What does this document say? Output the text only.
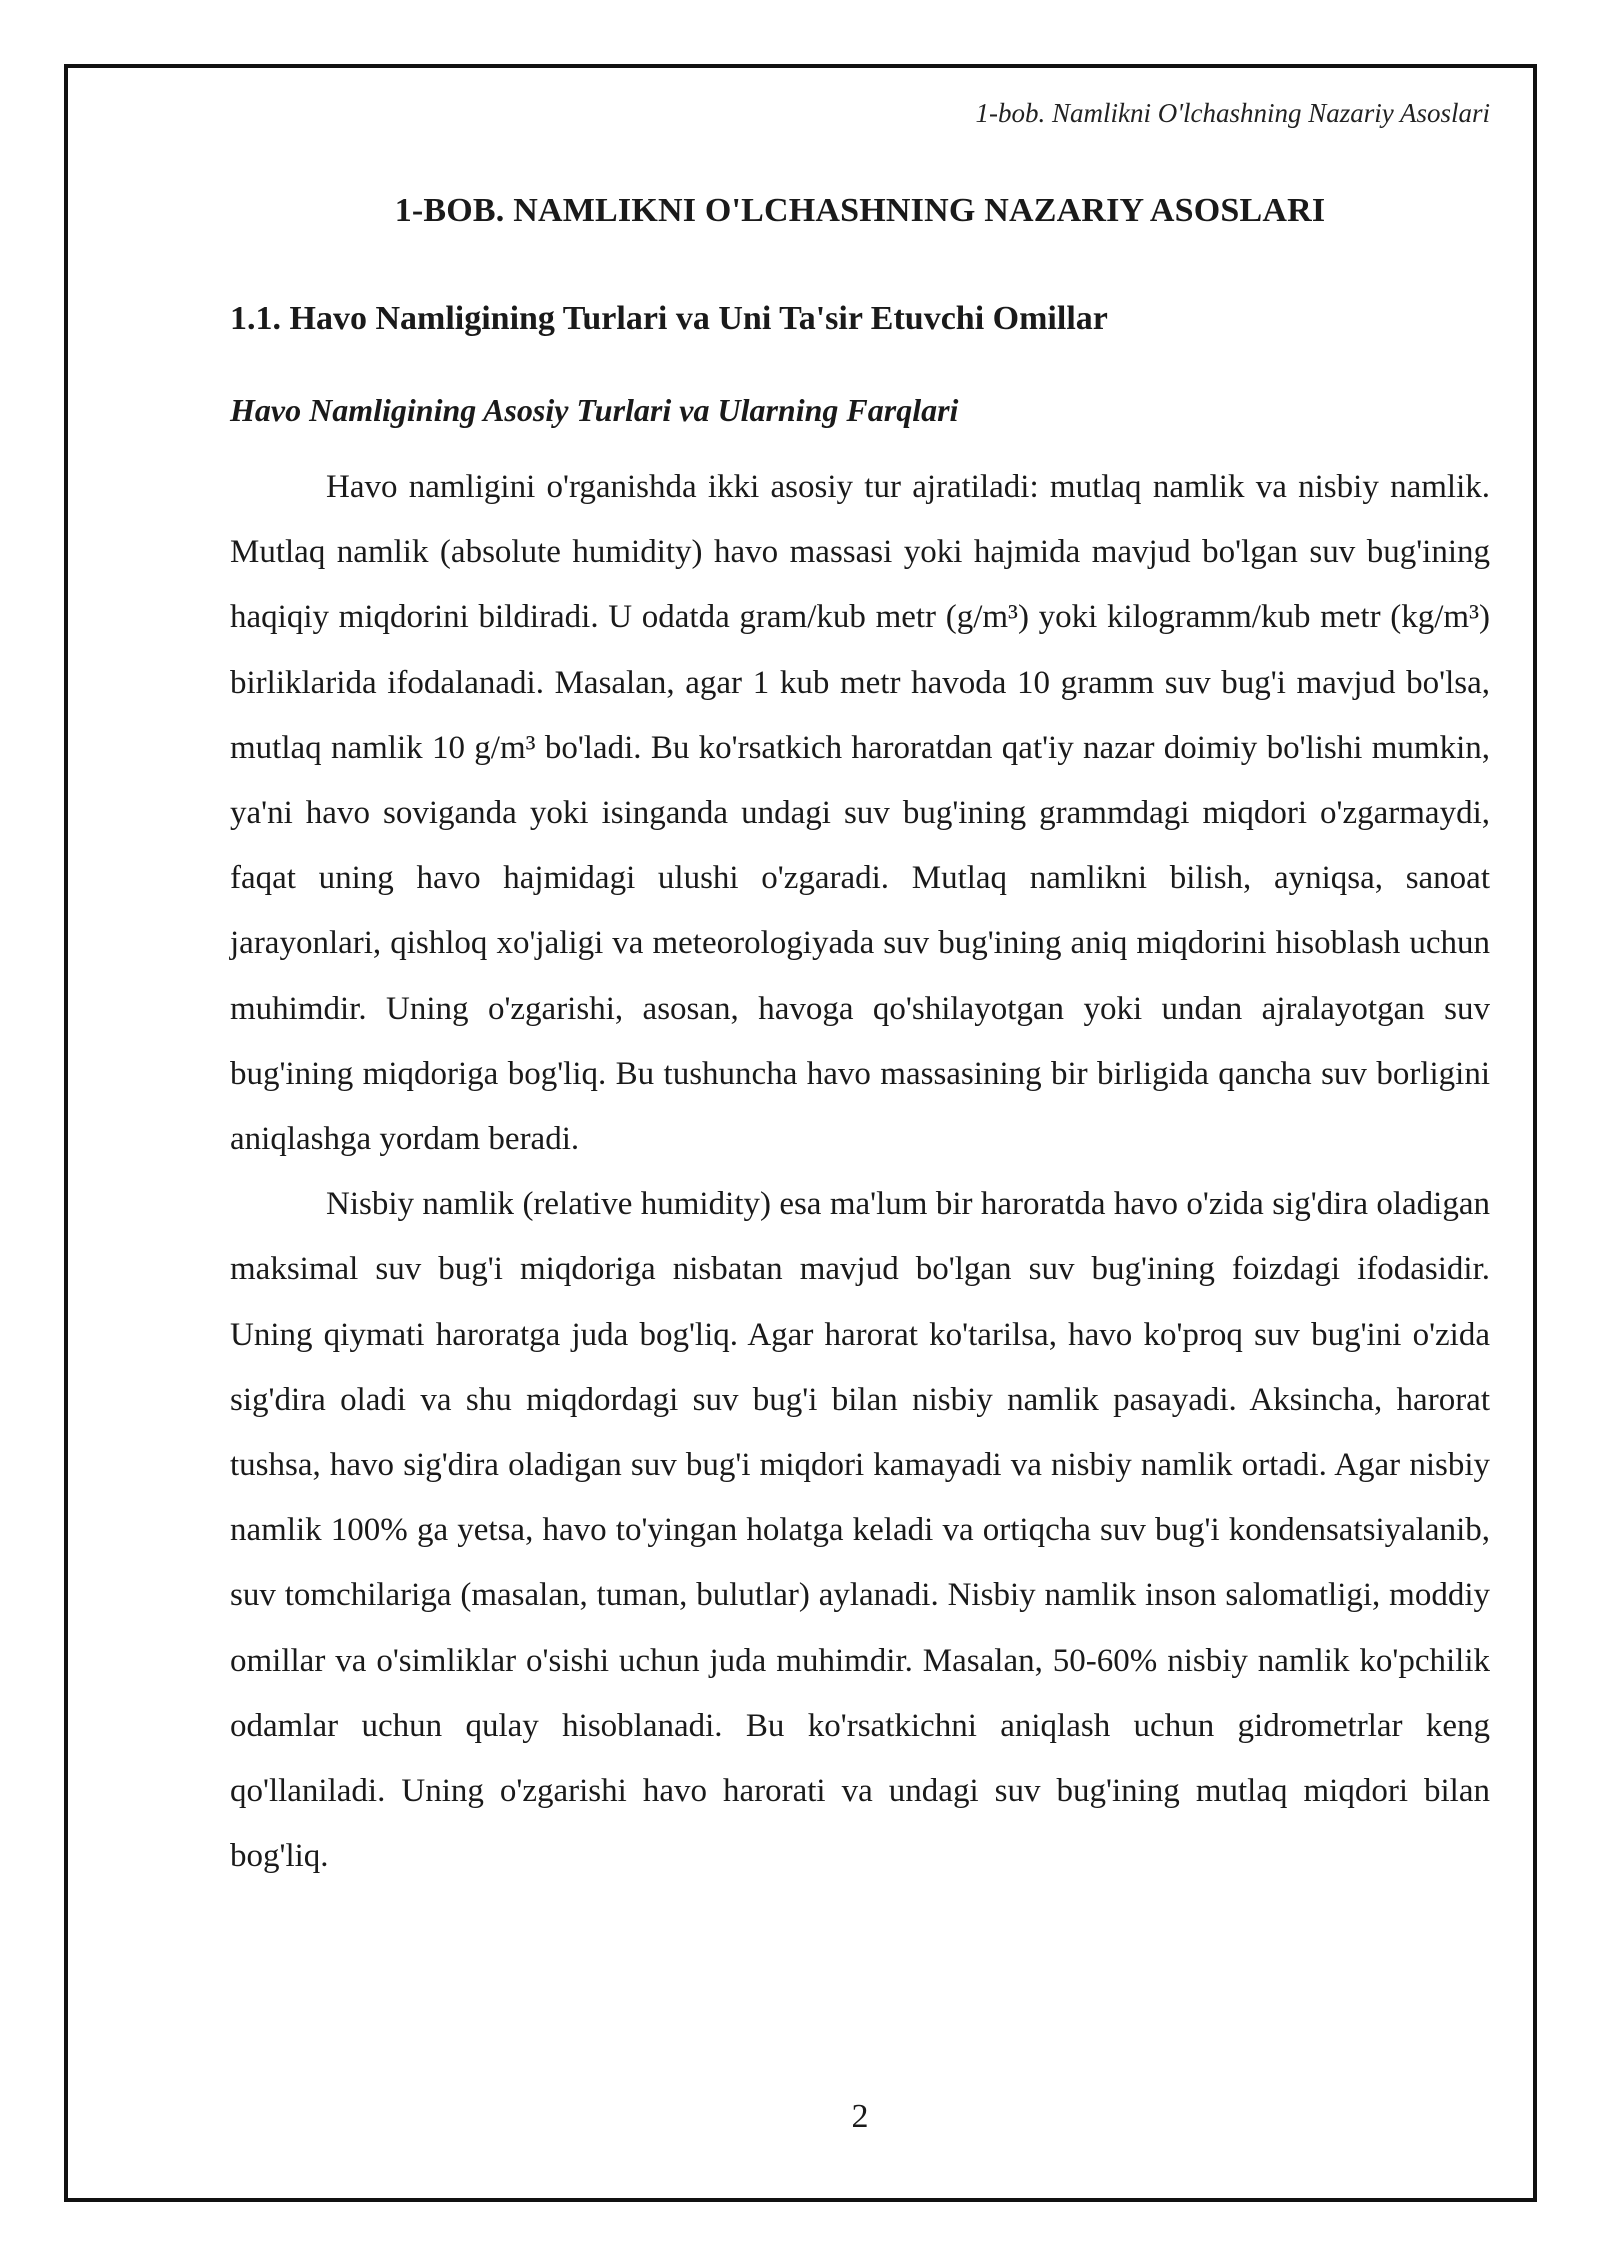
1-bob. Namlikni O'lchashning Nazariy Asoslari
1-BOB. NAMLIKNI O'LCHASHNING NAZARIY ASOSLARI
1.1. Havo Namligining Turlari va Uni Ta'sir Etuvchi Omillar
Havo Namligining Asosiy Turlari va Ularning Farqlari

Havo namligini o'rganishda ikki asosiy tur ajratiladi: mutlaq namlik va nisbiy namlik. Mutlaq namlik (absolute humidity) havo massasi yoki hajmida mavjud bo'lgan suv bug'ining haqiqiy miqdorini bildiradi. U odatda gram/kub metr (g/m³) yoki kilogramm/kub metr (kg/m³) birliklarida ifodalanadi. Masalan, agar 1 kub metr havoda 10 gramm suv bug'i mavjud bo'lsa, mutlaq namlik 10 g/m³ bo'ladi. Bu ko'rsatkich haroratdan qat'iy nazar doimiy bo'lishi mumkin, ya'ni havo soviganda yoki isinganda undagi suv bug'ining grammdagi miqdori o'zgarmaydi, faqat uning havo hajmidagi ulushi o'zgaradi. Mutlaq namlikni bilish, ayniqsa, sanoat jarayonlari, qishloq xo'jaligi va meteorologiyada suv bug'ining aniq miqdorini hisoblash uchun muhimdir. Uning o'zgarishi, asosan, havoga qo'shilayotgan yoki undan ajralayotgan suv bug'ining miqdoriga bog'liq. Bu tushuncha havo massasining bir birligida qancha suv borligini aniqlashga yordam beradi.

Nisbiy namlik (relative humidity) esa ma'lum bir haroratda havo o'zida sig'dira oladigan maksimal suv bug'i miqdoriga nisbatan mavjud bo'lgan suv bug'ining foizdagi ifodasidir. Uning qiymati haroratga juda bog'liq. Agar harorat ko'tarilsa, havo ko'proq suv bug'ini o'zida sig'dira oladi va shu miqdordagi suv bug'i bilan nisbiy namlik pasayadi. Aksincha, harorat tushsa, havo sig'dira oladigan suv bug'i miqdori kamayadi va nisbiy namlik ortadi. Agar nisbiy namlik 100% ga yetsa, havo to'yingan holatga keladi va ortiqcha suv bug'i kondensatsiyalanib, suv tomchilariga (masalan, tuman, bulutlar) aylanadi. Nisbiy namlik inson salomatligi, moddiy omillar va o'simliklar o'sishi uchun juda muhimdir. Masalan, 50-60% nisbiy namlik ko'pchilik odamlar uchun qulay hisoblanadi. Bu ko'rsatkichni aniqlash uchun gidrometrlar keng qo'llaniladi. Uning o'zgarishi havo harorati va undagi suv bug'ining mutlaq miqdori bilan bog'liq.

2
